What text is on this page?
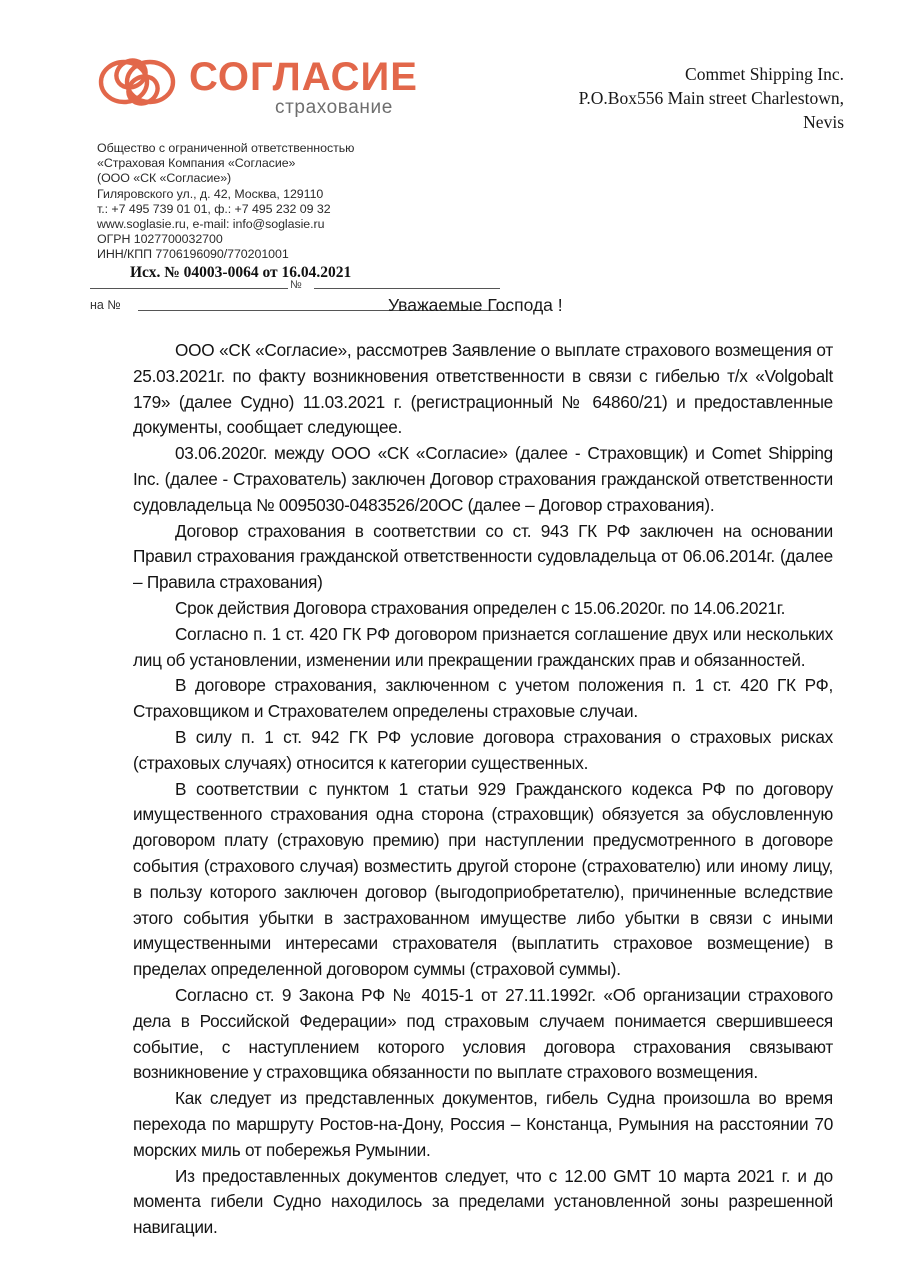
СОГЛАСИЕ
страхование
Commet Shipping Inc.
P.O.Box556 Main street Charlestown,
Nevis
Общество с ограниченной ответственностью
«Страховая Компания «Согласие»
(ООО «СК «Согласие»)
Гиляровского ул., д. 42, Москва, 129110
т.: +7 495 739 01 01, ф.: +7 495 232 09 32
www.soglasie.ru, e-mail: info@soglasie.ru
ОГРН 1027700032700
ИНН/КПП 7706196090/770201001
Исх. № 04003-0064 от 16.04.2021
№
на №	Уважаемые Господа !

ООО «СК «Согласие», рассмотрев Заявление о выплате страхового возмещения от 25.03.2021г. по факту возникновения ответственности в связи с гибелью т/х «Volgobalt 179» (далее Судно) 11.03.2021 г. (регистрационный № 64860/21) и предоставленные документы, сообщает следующее.

03.06.2020г. между ООО «СК «Согласие» (далее - Страховщик) и Comet Shipping Inc. (далее - Страхователь) заключен Договор страхования гражданской ответственности судовладельца № 0095030-0483526/20ОС (далее – Договор страхования).

Договор страхования в соответствии со ст. 943 ГК РФ заключен на основании Правил страхования гражданской ответственности судовладельца от 06.06.2014г. (далее – Правила страхования)

Срок действия Договора страхования определен с 15.06.2020г. по 14.06.2021г.

Согласно п. 1 ст. 420 ГК РФ договором признается соглашение двух или нескольких лиц об установлении, изменении или прекращении гражданских прав и обязанностей.

В договоре страхования, заключенном с учетом положения п. 1 ст. 420 ГК РФ, Страховщиком и Страхователем определены страховые случаи.

В силу п. 1 ст. 942 ГК РФ условие договора страхования о страховых рисках (страховых случаях) относится к категории существенных.

В соответствии с пунктом 1 статьи 929 Гражданского кодекса РФ по договору имущественного страхования одна сторона (страховщик) обязуется за обусловленную договором плату (страховую премию) при наступлении предусмотренного в договоре события (страхового случая) возместить другой стороне (страхователю) или иному лицу, в пользу которого заключен договор (выгодоприобретателю), причиненные вследствие этого события убытки в застрахованном имуществе либо убытки в связи с иными имущественными интересами страхователя (выплатить страховое возмещение) в пределах определенной договором суммы (страховой суммы).

Согласно ст. 9 Закона РФ № 4015-1 от 27.11.1992г. «Об организации страхового дела в Российской Федерации» под страховым случаем понимается свершившееся событие, с наступлением которого условия договора страхования связывают возникновение у страховщика обязанности по выплате страхового возмещения.

Как следует из представленных документов, гибель Судна произошла во время перехода по маршруту Ростов-на-Дону, Россия – Констанца, Румыния на расстоянии 70 морских миль от побережья Румынии.

Из предоставленных документов следует, что с 12.00 GMT 10 марта 2021 г. и до момента гибели Судно находилось за пределами установленной зоны разрешенной навигации.
